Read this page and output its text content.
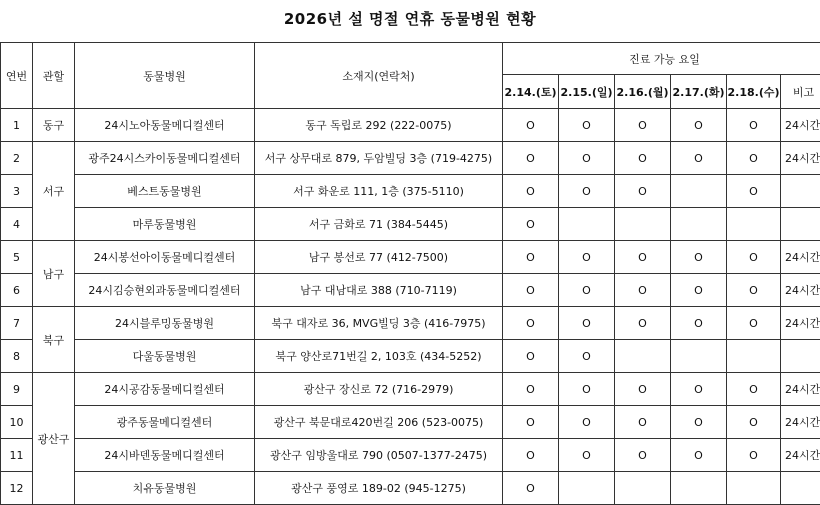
2026년 설 명절 연휴 동물병원 현황
연번	관할	동물병원	소재지(연락처)	진료 가능 요일					
				2.14.(토)	2.15.(일)	2.16.(월)	2.17.(화)	2.18.(수)	비고
1	동구	24시노아동물메디컬센터	동구 독립로 292 (222-0075)	O	O	O	O	O	24시간
2	서구	광주24시스카이동물메디컬센터	서구 상무대로 879, 두암빌딩 3층 (719-4275)	O	O	O	O	O	24시간
3		베스트동물병원	서구 화운로 111, 1층 (375-5110)	O	O	O		O	
4		마루동물병원	서구 금화로 71 (384-5445)	O					
5	남구	24시봉선아이동물메디컬센터	남구 봉선로 77 (412-7500)	O	O	O	O	O	24시간
6		24시김승현외과동물메디컬센터	남구 대남대로 388 (710-7119)	O	O	O	O	O	24시간
7	북구	24시블루밍동물병원	북구 대자로 36, MVG빌딩 3층 (416-7975)	O	O	O	O	O	24시간
8		다울동물병원	북구 양산로71번길 2, 103호 (434-5252)	O	O				
9	광산구	24시공감동물메디컬센터	광산구 장신로 72 (716-2979)	O	O	O	O	O	24시간
10		광주동물메디컬센터	광산구 북문대로420번길 206 (523-0075)	O	O	O	O	O	24시간
11		24시바덴동물메디컬센터	광산구 임방울대로 790 (0507-1377-2475)	O	O	O	O	O	24시간
12		치유동물병원	광산구 풍영로 189-02 (945-1275)	O					
